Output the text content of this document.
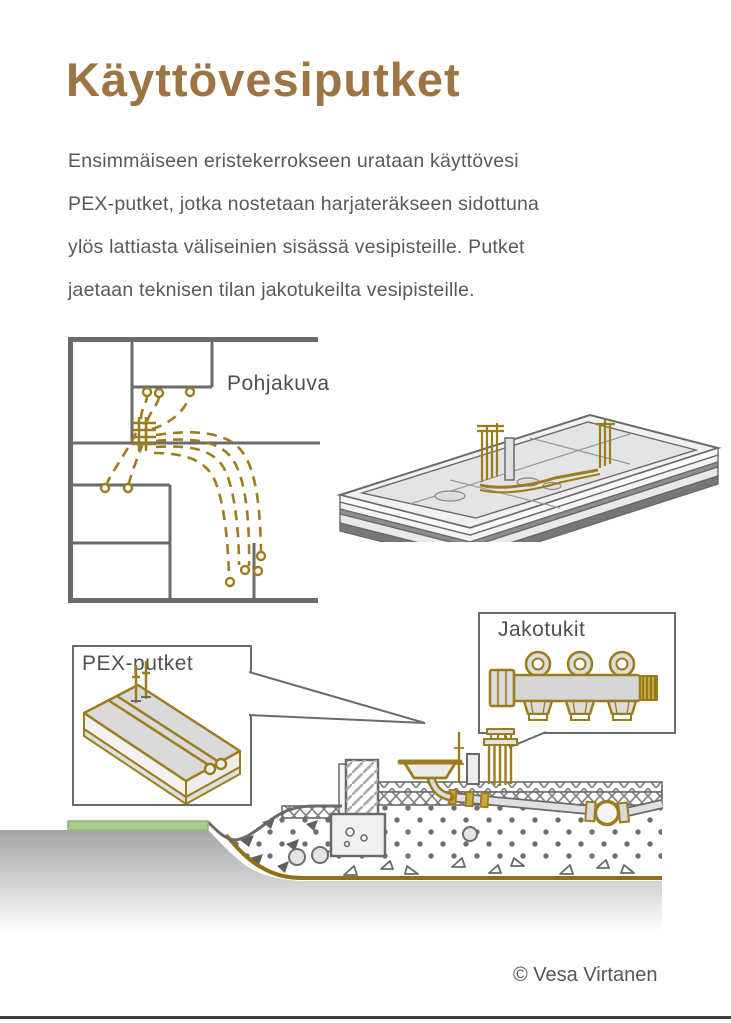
Käyttövesiputket
Ensimmäiseen eristekerrokseen urataan käyttövesi
PEX-putket, jotka nostetaan harjateräkseen sidottuna
ylös lattiasta väliseinien sisässä vesipisteille. Putket
jaetaan teknisen tilan jakotukeilta vesipisteille.
Pohjakuva
PEX-putket
Jakotukit
© Vesa Virtanen
